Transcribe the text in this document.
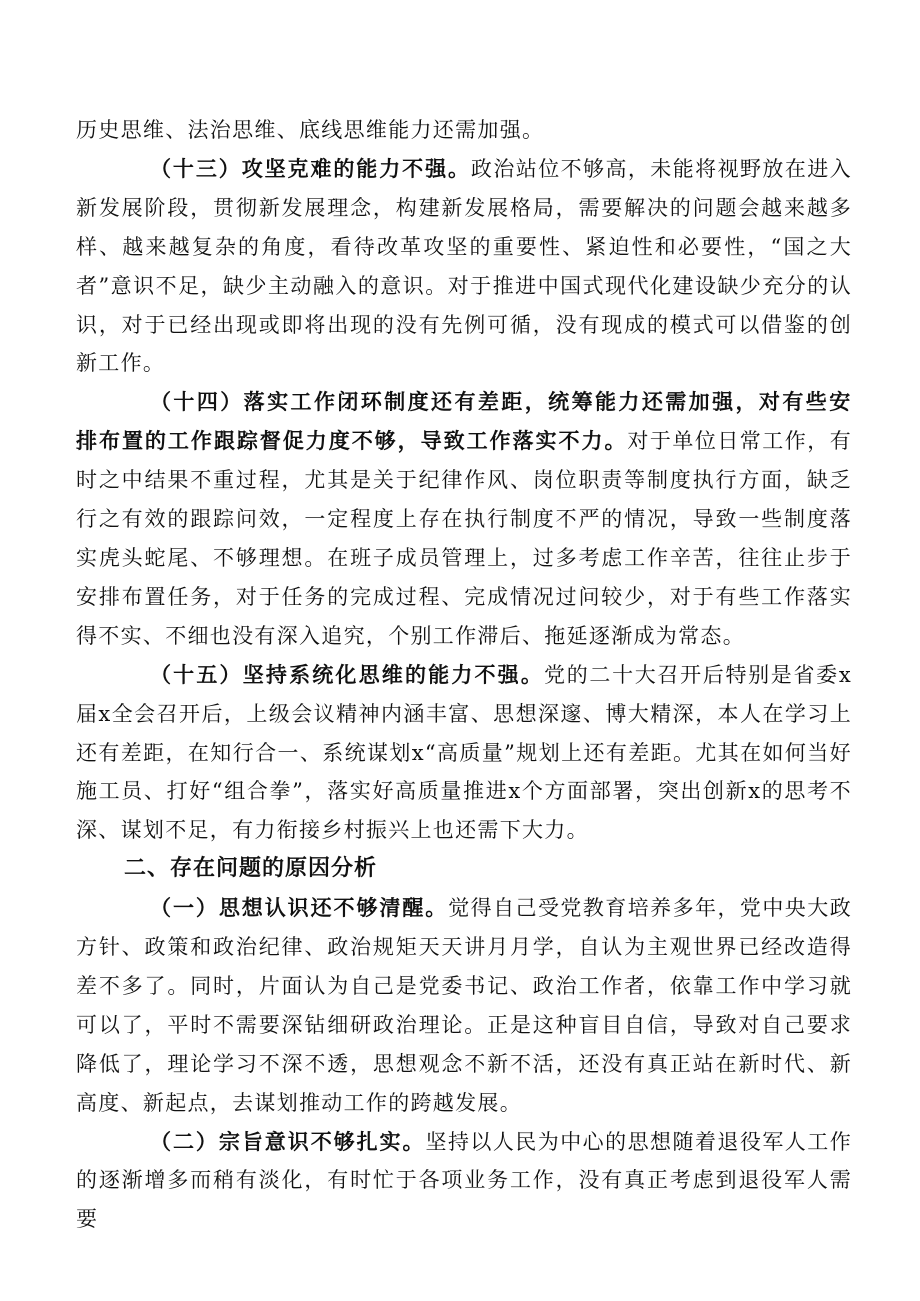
历史思维、法治思维、底线思维能力还需加强。

（十三）攻坚克难的能力不强。政治站位不够高，未能将视野放在进入新发展阶段，贯彻新发展理念，构建新发展格局，需要解决的问题会越来越多样、越来越复杂的角度，看待改革攻坚的重要性、紧迫性和必要性，“国之大者”意识不足，缺少主动融入的意识。对于推进中国式现代化建设缺少充分的认识，对于已经出现或即将出现的没有先例可循，没有现成的模式可以借鉴的创新工作。

（十四）落实工作闭环制度还有差距，统筹能力还需加强，对有些安排布置的工作跟踪督促力度不够，导致工作落实不力。对于单位日常工作，有时之中结果不重过程，尤其是关于纪律作风、岗位职责等制度执行方面，缺乏行之有效的跟踪问效，一定程度上存在执行制度不严的情况，导致一些制度落实虎头蛇尾、不够理想。在班子成员管理上，过多考虑工作辛苦，往往止步于安排布置任务，对于任务的完成过程、完成情况过问较少，对于有些工作落实得不实、不细也没有深入追究，个别工作滞后、拖延逐渐成为常态。

（十五）坚持系统化思维的能力不强。党的二十大召开后特别是省委x届x全会召开后，上级会议精神内涵丰富、思想深邃、博大精深，本人在学习上还有差距，在知行合一、系统谋划x“高质量”规划上还有差距。尤其在如何当好施工员、打好“组合拳”，落实好高质量推进x个方面部署，突出创新x的思考不深、谋划不足，有力衔接乡村振兴上也还需下大力。

二、存在问题的原因分析

（一）思想认识还不够清醒。觉得自己受党教育培养多年，党中央大政方针、政策和政治纪律、政治规矩天天讲月月学，自认为主观世界已经改造得差不多了。同时，片面认为自己是党委书记、政治工作者，依靠工作中学习就可以了，平时不需要深钻细研政治理论。正是这种盲目自信，导致对自己要求降低了，理论学习不深不透，思想观念不新不活，还没有真正站在新时代、新高度、新起点，去谋划推动工作的跨越发展。

（二）宗旨意识不够扎实。坚持以人民为中心的思想随着退役军人工作的逐渐增多而稍有淡化，有时忙于各项业务工作，没有真正考虑到退役军人需要
